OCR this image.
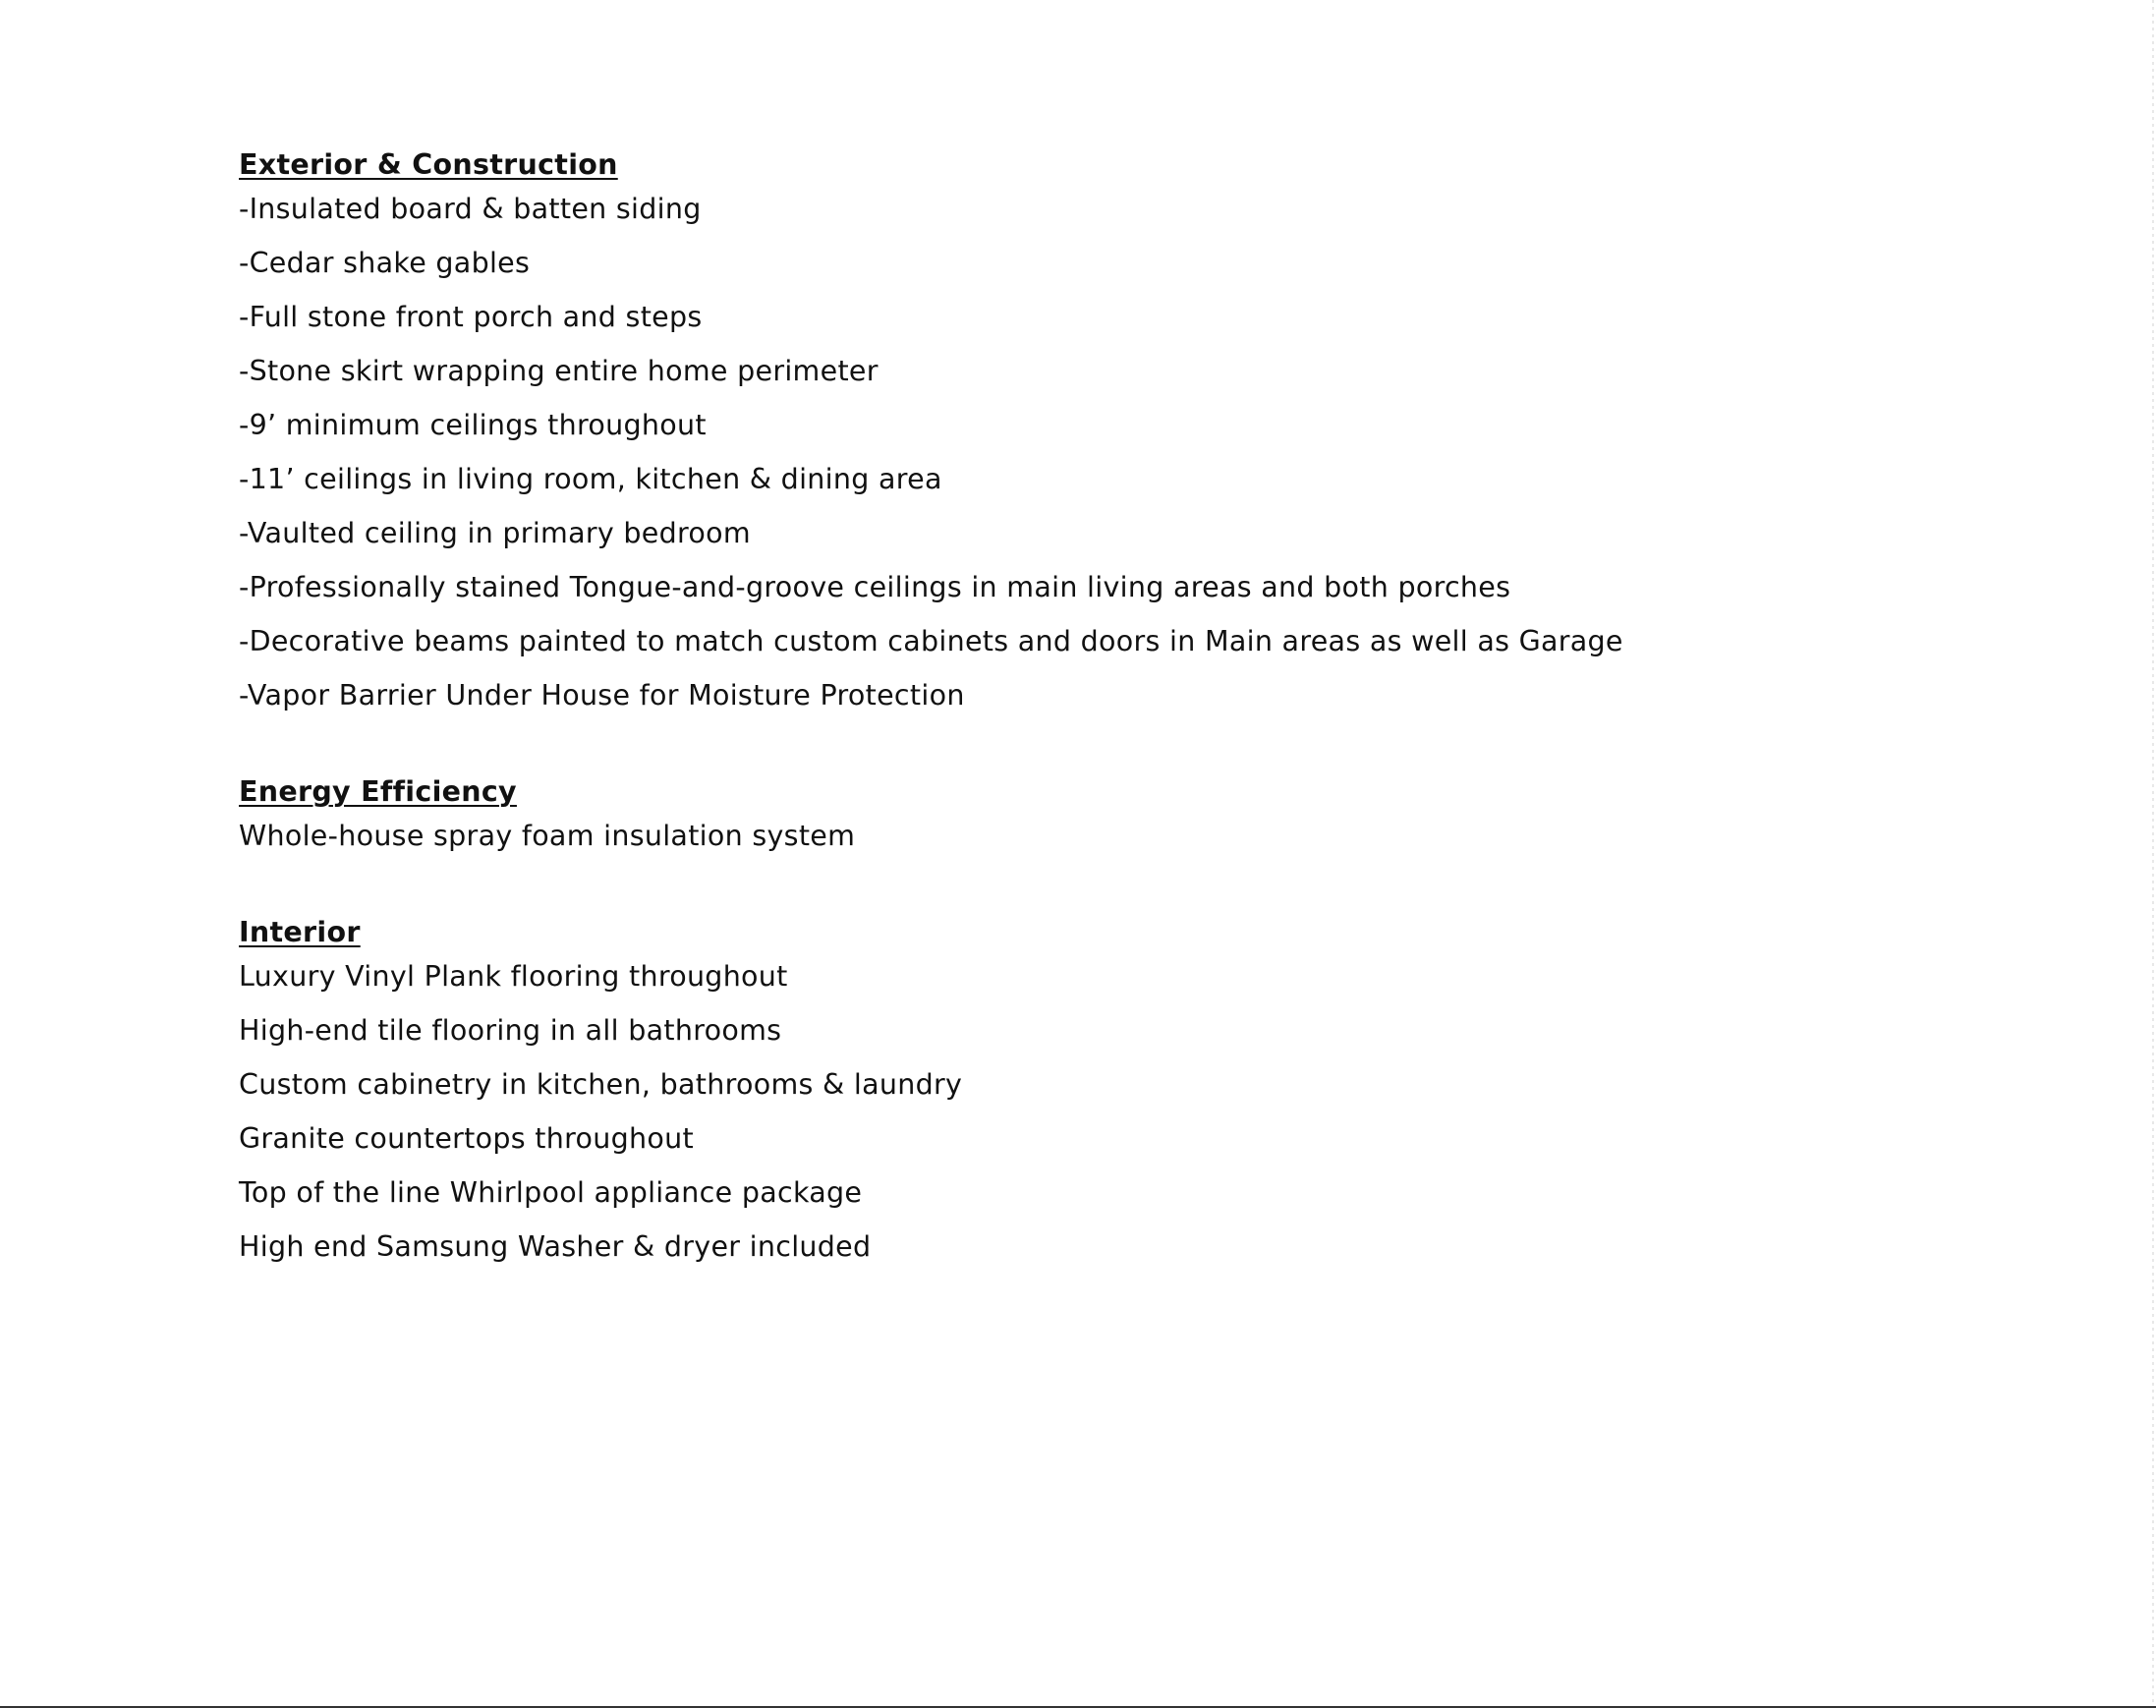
Exterior & Construction
-Insulated board & batten siding
-Cedar shake gables
-Full stone front porch and steps
-Stone skirt wrapping entire home perimeter
-9’ minimum ceilings throughout
-11’ ceilings in living room, kitchen & dining area
-Vaulted ceiling in primary bedroom
-Professionally stained Tongue-and-groove ceilings in main living areas and both porches
-Decorative beams painted to match custom cabinets and doors in Main areas as well as Garage
-Vapor Barrier Under House for Moisture Protection
Energy Efficiency
Whole-house spray foam insulation system
Interior
Luxury Vinyl Plank flooring throughout
High-end tile flooring in all bathrooms
Custom cabinetry in kitchen, bathrooms & laundry
Granite countertops throughout
Top of the line Whirlpool appliance package
High end Samsung Washer & dryer included
